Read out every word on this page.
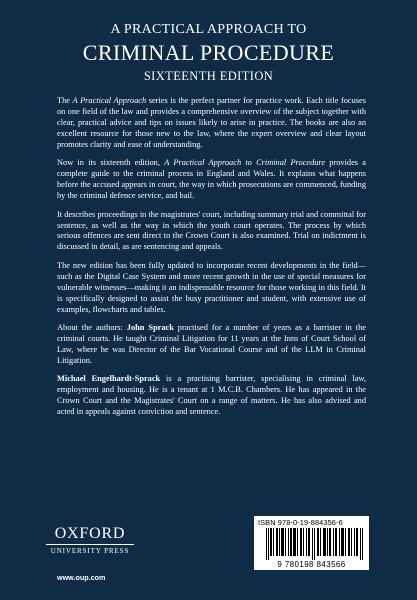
A PRACTICAL APPROACH TO
CRIMINAL PROCEDURE
SIXTEENTH EDITION

The A Practical Approach series is the perfect partner for practice work. Each title focuses on one field of the law and provides a comprehensive overview of the subject together with clear, practical advice and tips on issues likely to arise in practice. The books are also an excellent resource for those new to the law, where the expert overview and clear layout promotes clarity and ease of understanding.

Now in its sixteenth edition, A Practical Approach to Criminal Procedure provides a complete guide to the criminal process in England and Wales. It explains what happens before the accused appears in court, the way in which prosecutions are commenced, funding by the criminal defence service, and bail.

It describes proceedings in the magistrates' court, including summary trial and committal for sentence, as well as the way in which the youth court operates. The process by which serious offences are sent direct to the Crown Court is also examined. Trial on indictment is discussed in detail, as are sentencing and appeals.

The new edition has been fully updated to incorporate recent developments in the field—such as the Digital Case System and more recent growth in the use of special measures for vulnerable witnesses—making it an indispensable resource for those working in this field. It is specifically designed to assist the busy practitioner and student, with extensive use of examples, flowcharts and tables.

About the authors: John Sprack practised for a number of years as a barrister in the criminal courts. He taught Criminal Litigation for 11 years at the Inns of Court School of Law, where he was Director of the Bar Vocational Course and of the LLM in Criminal Litigation.

Michael Engelhardt-Sprack is a practising barrister, specialising in criminal law, employment and housing. He is a tenant at 1 M.C.B. Chambers. He has appeared in the Crown Court and the Magistrates' Court on a range of matters. He has also advised and acted in appeals against conviction and sentence.

OXFORD
UNIVERSITY PRESS
www.oup.com
ISBN 978-0-19-884356-6
9 780198 843566
